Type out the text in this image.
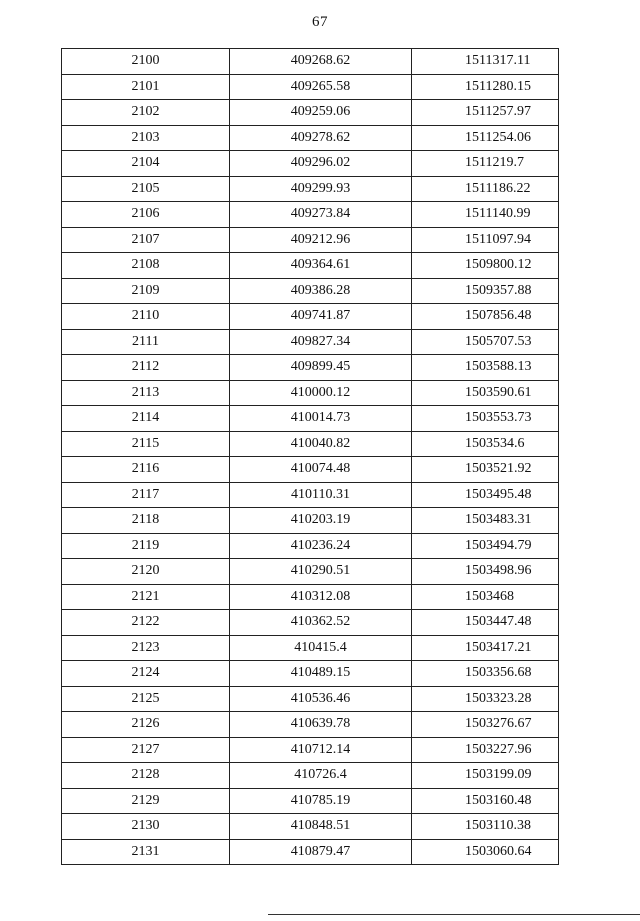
67
2100	409268.62	1511317.11
2101	409265.58	1511280.15
2102	409259.06	1511257.97
2103	409278.62	1511254.06
2104	409296.02	1511219.7
2105	409299.93	1511186.22
2106	409273.84	1511140.99
2107	409212.96	1511097.94
2108	409364.61	1509800.12
2109	409386.28	1509357.88
2110	409741.87	1507856.48
2111	409827.34	1505707.53
2112	409899.45	1503588.13
2113	410000.12	1503590.61
2114	410014.73	1503553.73
2115	410040.82	1503534.6
2116	410074.48	1503521.92
2117	410110.31	1503495.48
2118	410203.19	1503483.31
2119	410236.24	1503494.79
2120	410290.51	1503498.96
2121	410312.08	1503468
2122	410362.52	1503447.48
2123	410415.4	1503417.21
2124	410489.15	1503356.68
2125	410536.46	1503323.28
2126	410639.78	1503276.67
2127	410712.14	1503227.96
2128	410726.4	1503199.09
2129	410785.19	1503160.48
2130	410848.51	1503110.38
2131	410879.47	1503060.64
